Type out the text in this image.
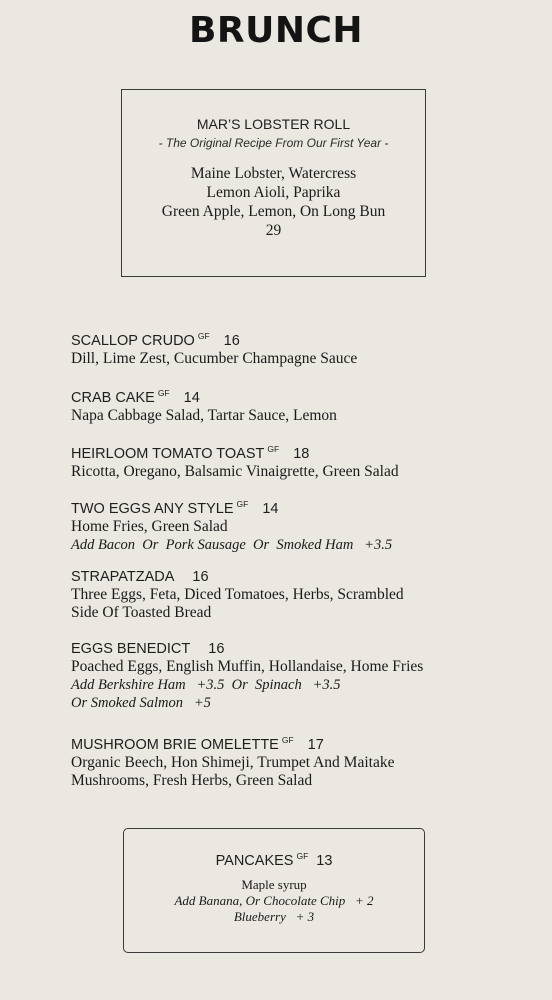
BRUNCH
MAR’S LOBSTER ROLL
- The Original Recipe From Our First Year -
Maine Lobster, Watercress
Lemon Aioli, Paprika
Green Apple, Lemon, On Long Bun
29
SCALLOP CRUDO $^{GF}$ 16
Dill, Lime Zest, Cucumber Champagne Sauce
CRAB CAKE $^{GF}$ 14
Napa Cabbage Salad, Tartar Sauce, Lemon
HEIRLOOM TOMATO TOAST $^{GF}$ 18
Ricotta, Oregano, Balsamic Vinaigrette, Green Salad
TWO EGGS ANY STYLE $^{GF}$ 14
Home Fries, Green Salad
Add Bacon  Or  Pork Sausage  Or  Smoked Ham   +3.5
STRAPATZADA 16
Three Eggs, Feta, Diced Tomatoes, Herbs, Scrambled
Side Of Toasted Bread
EGGS BENEDICT 16
Poached Eggs, English Muffin, Hollandaise, Home Fries
Add Berkshire Ham   +3.5  Or  Spinach   +3.5
Or Smoked Salmon   +5
MUSHROOM BRIE OMELETTE $^{GF}$ 17
Organic Beech, Hon Shimeji, Trumpet And Maitake
Mushrooms, Fresh Herbs, Green Salad
PANCAKES $^{GF}$ 13
Maple syrup
Add Banana, Or Chocolate Chip   + 2
Blueberry   + 3
